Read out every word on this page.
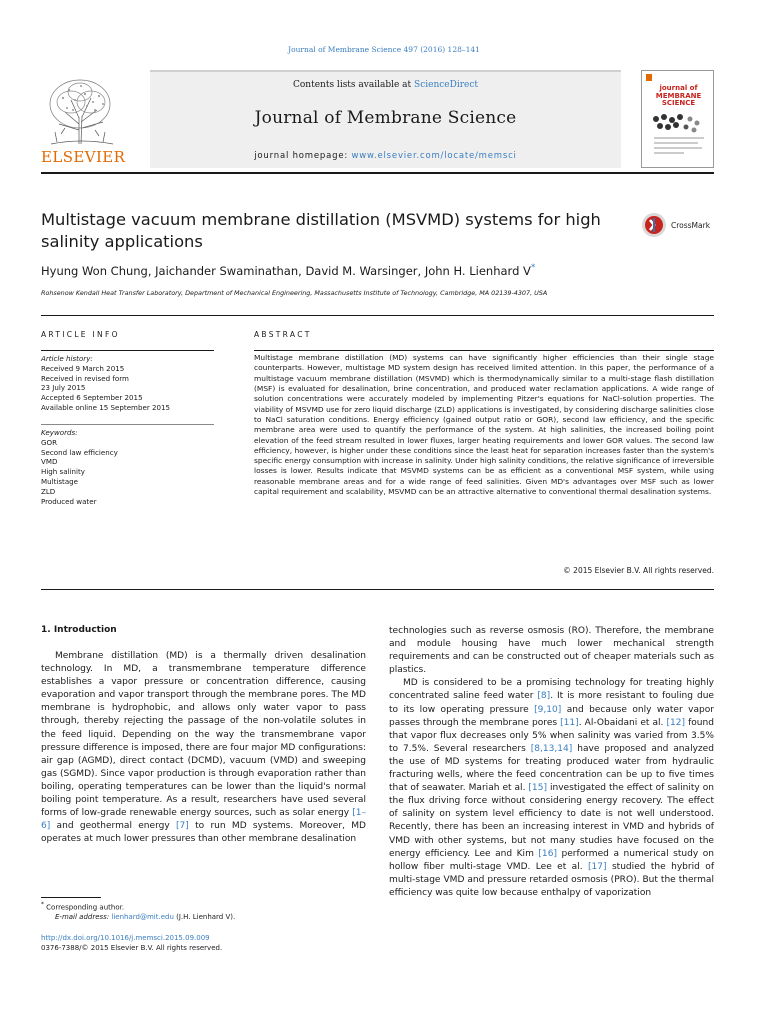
Journal of Membrane Science 497 (2016) 128–141
Contents lists available at ScienceDirect
Journal of Membrane Science
journal homepage: www.elsevier.com/locate/memsci
ELSEVIER
journal of MEMBRANE SCIENCE
Multistage vacuum membrane distillation (MSVMD) systems for high salinity applications
CrossMark
Hyung Won Chung, Jaichander Swaminathan, David M. Warsinger, John H. Lienhard V*
Rohsenow Kendall Heat Transfer Laboratory, Department of Mechanical Engineering, Massachusetts Institute of Technology, Cambridge, MA 02139-4307, USA
ARTICLE INFO	ABSTRACT
Article history:
Received 9 March 2015
Received in revised form
23 July 2015
Accepted 6 September 2015
Available online 15 September 2015
Keywords:
GOR
Second law efficiency
VMD
High salinity
Multistage
ZLD
Produced water
Multistage membrane distillation (MD) systems can have significantly higher efficiencies than their single stage counterparts. However, multistage MD system design has received limited attention. In this paper, the performance of a multistage vacuum membrane distillation (MSVMD) which is thermodynamically similar to a multi-stage flash distillation (MSF) is evaluated for desalination, brine concentration, and produced water reclamation applications. A wide range of solution concentrations were accurately modeled by implementing Pitzer's equations for NaCl-solution properties. The viability of MSVMD use for zero liquid discharge (ZLD) applications is investigated, by considering discharge salinities close to NaCl saturation conditions. Energy efficiency (gained output ratio or GOR), second law efficiency, and the specific membrane area were used to quantify the performance of the system. At high salinities, the increased boiling point elevation of the feed stream resulted in lower fluxes, larger heating requirements and lower GOR values. The second law efficiency, however, is higher under these conditions since the least heat for separation increases faster than the system's specific energy consumption with increase in salinity. Under high salinity conditions, the relative significance of irreversible losses is lower. Results indicate that MSVMD systems can be as efficient as a conventional MSF system, while using reasonable membrane areas and for a wide range of feed salinities. Given MD's advantages over MSF such as lower capital requirement and scalability, MSVMD can be an attractive alternative to conventional thermal desalination systems.
© 2015 Elsevier B.V. All rights reserved.
1. Introduction

Membrane distillation (MD) is a thermally driven desalination technology. In MD, a transmembrane temperature difference establishes a vapor pressure or concentration difference, causing evaporation and vapor transport through the membrane pores. The MD membrane is hydrophobic, and allows only water vapor to pass through, thereby rejecting the passage of the non-volatile solutes in the feed liquid. Depending on the way the transmembrane vapor pressure difference is imposed, there are four major MD configurations: air gap (AGMD), direct contact (DCMD), vacuum (VMD) and sweeping gas (SGMD). Since vapor production is through evaporation rather than boiling, operating temperatures can be lower than the liquid's normal boiling point temperature. As a result, researchers have used several forms of low-grade renewable energy sources, such as solar energy [1–6] and geothermal energy [7] to run MD systems. Moreover, MD operates at much lower pressures than other membrane desalination

technologies such as reverse osmosis (RO). Therefore, the membrane and module housing have much lower mechanical strength requirements and can be constructed out of cheaper materials such as plastics.

MD is considered to be a promising technology for treating highly concentrated saline feed water [8]. It is more resistant to fouling due to its low operating pressure [9,10] and because only water vapor passes through the membrane pores [11]. Al-Obaidani et al. [12] found that vapor flux decreases only 5% when salinity was varied from 3.5% to 7.5%. Several researchers [8,13,14] have proposed and analyzed the use of MD systems for treating produced water from hydraulic fracturing wells, where the feed concentration can be up to five times that of seawater. Mariah et al. [15] investigated the effect of salinity on the flux driving force without considering energy recovery. The effect of salinity on system level efficiency to date is not well understood. Recently, there has been an increasing interest in VMD and hybrids of VMD with other systems, but not many studies have focused on the energy efficiency. Lee and Kim [16] performed a numerical study on hollow fiber multi-stage VMD. Lee et al. [17] studied the hybrid of multi-stage VMD and pressure retarded osmosis (PRO). But the thermal efficiency was quite low because enthalpy of vaporization

* Corresponding author.
E-mail address: lienhard@mit.edu (J.H. Lienhard V).
http://dx.doi.org/10.1016/j.memsci.2015.09.009
0376-7388/© 2015 Elsevier B.V. All rights reserved.
